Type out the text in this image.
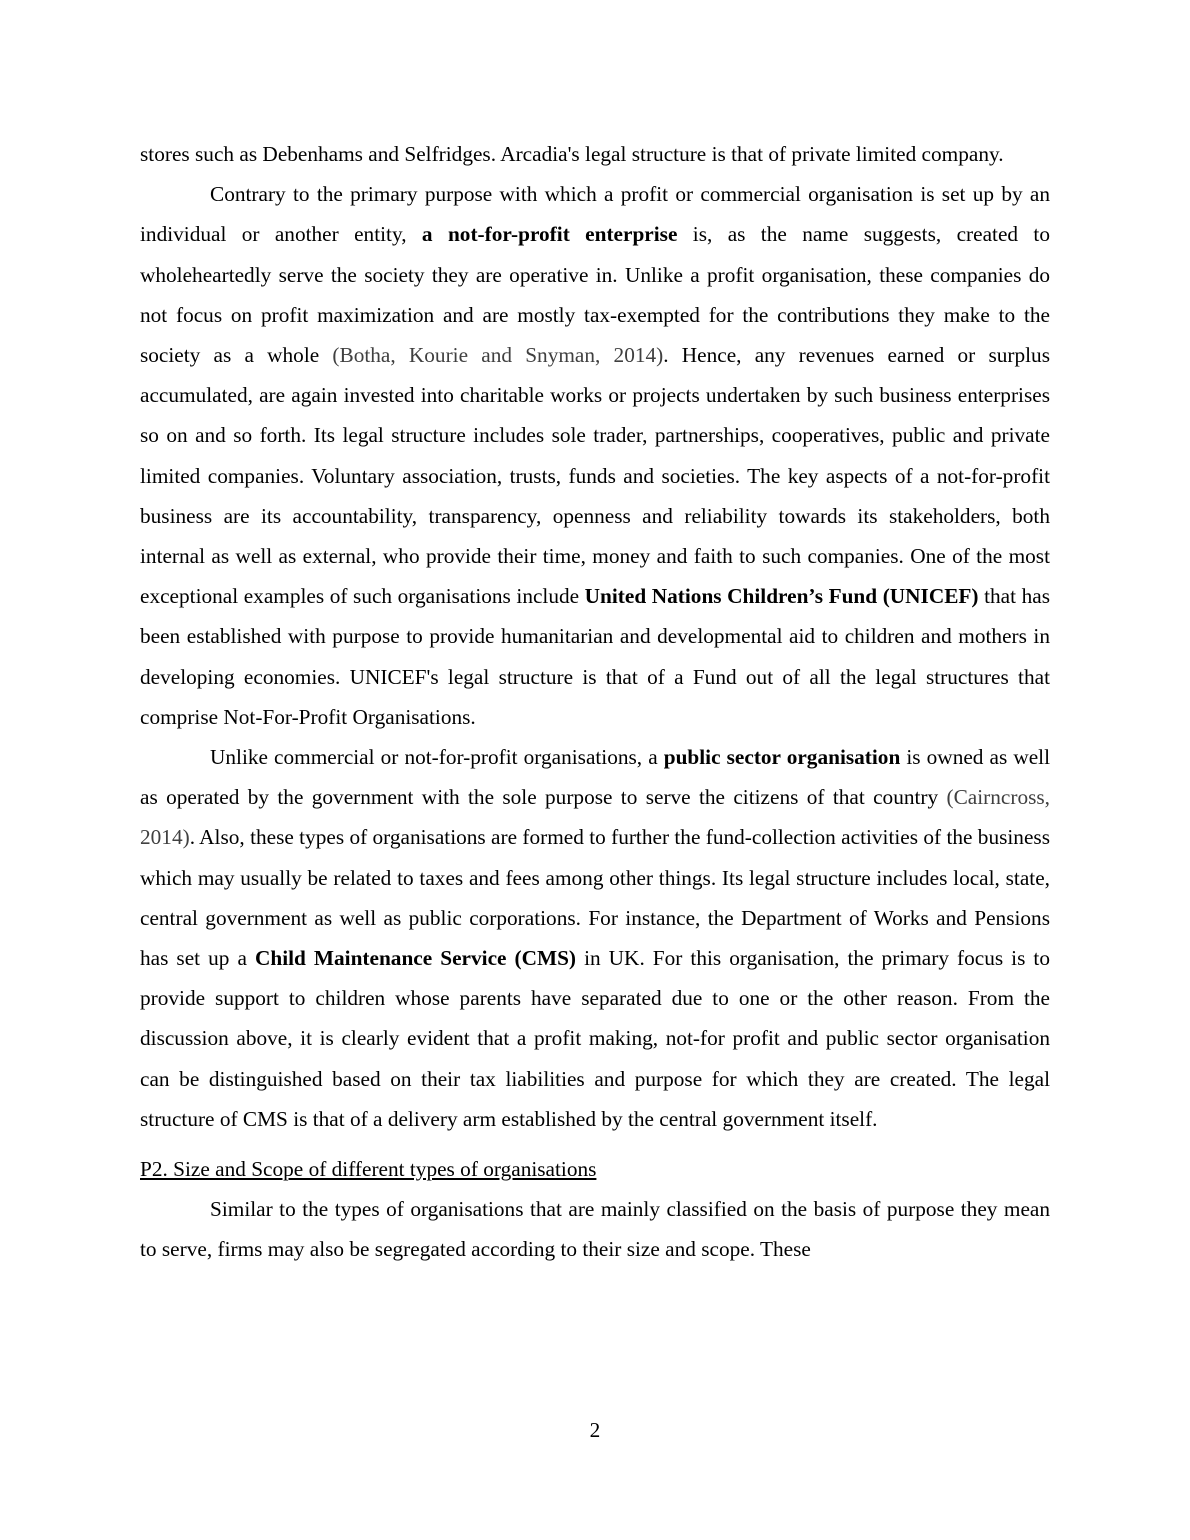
stores such as Debenhams and Selfridges. Arcadia's legal structure is that of private limited company.

Contrary to the primary purpose with which a profit or commercial organisation is set up by an individual or another entity, a not-for-profit enterprise is, as the name suggests, created to wholeheartedly serve the society they are operative in. Unlike a profit organisation, these companies do not focus on profit maximization and are mostly tax-exempted for the contributions they make to the society as a whole (Botha, Kourie and Snyman, 2014). Hence, any revenues earned or surplus accumulated, are again invested into charitable works or projects undertaken by such business enterprises so on and so forth. Its legal structure includes sole trader, partnerships, cooperatives, public and private limited companies. Voluntary association, trusts, funds and societies. The key aspects of a not-for-profit business are its accountability, transparency, openness and reliability towards its stakeholders, both internal as well as external, who provide their time, money and faith to such companies. One of the most exceptional examples of such organisations include United Nations Children’s Fund (UNICEF) that has been established with purpose to provide humanitarian and developmental aid to children and mothers in developing economies. UNICEF's legal structure is that of a Fund out of all the legal structures that comprise Not-For-Profit Organisations.

Unlike commercial or not-for-profit organisations, a public sector organisation is owned as well as operated by the government with the sole purpose to serve the citizens of that country (Cairncross, 2014). Also, these types of organisations are formed to further the fund-collection activities of the business which may usually be related to taxes and fees among other things. Its legal structure includes local, state, central government as well as public corporations. For instance, the Department of Works and Pensions has set up a Child Maintenance Service (CMS) in UK. For this organisation, the primary focus is to provide support to children whose parents have separated due to one or the other reason. From the discussion above, it is clearly evident that a profit making, not-for profit and public sector organisation can be distinguished based on their tax liabilities and purpose for which they are created. The legal structure of CMS is that of a delivery arm established by the central government itself.

P2. Size and Scope of different types of organisations

Similar to the types of organisations that are mainly classified on the basis of purpose they mean to serve, firms may also be segregated according to their size and scope. These

2
